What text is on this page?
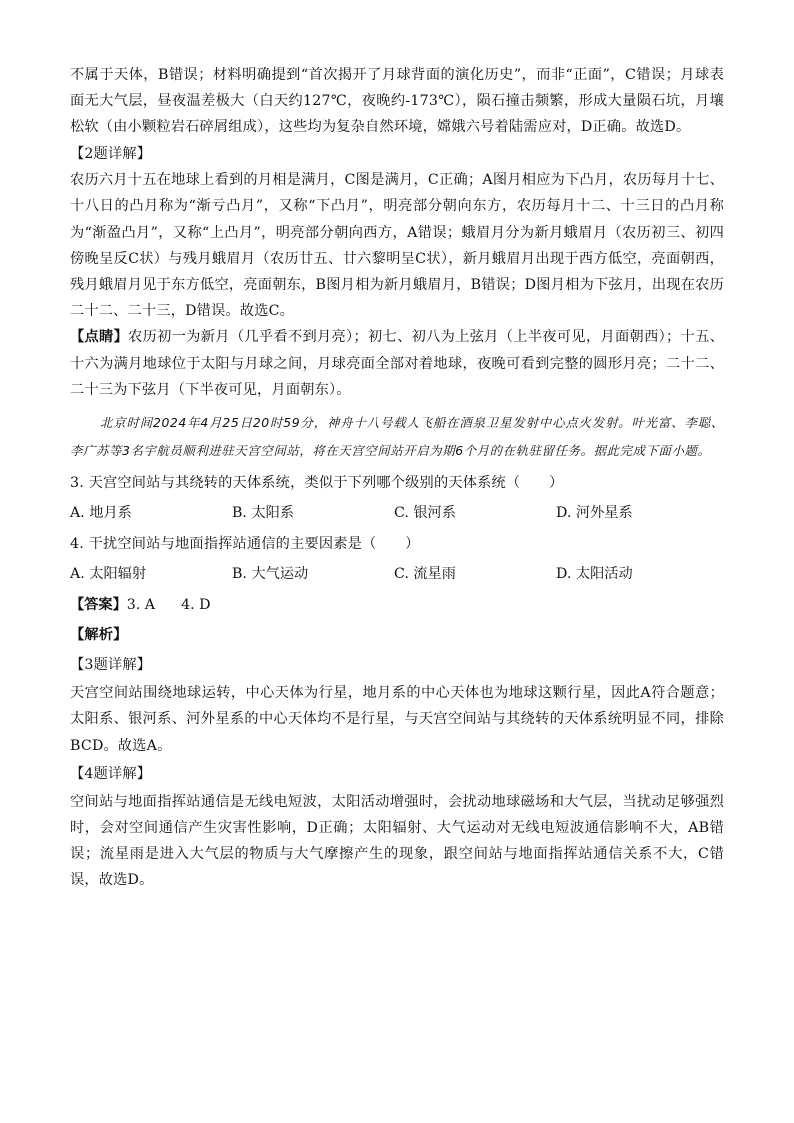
不属于天体，B错误；材料明确提到“首次揭开了月球背面的演化历史”，而非“正面”，C错误；月球表面无大气层，昼夜温差极大（白天约127℃，夜晚约-173℃），陨石撞击频繁，形成大量陨石坑，月壤松软（由小颗粒岩石碎屑组成），这些均为复杂自然环境，嫦娥六号着陆需应对，D正确。故选D。

【2题详解】

农历六月十五在地球上看到的月相是满月，C图是满月，C正确；A图月相应为下凸月，农历每月十七、十八日的凸月称为“渐亏凸月”，又称“下凸月”，明亮部分朝向东方，农历每月十二、十三日的凸月称为“渐盈凸月”，又称“上凸月”，明亮部分朝向西方，A错误；蛾眉月分为新月蛾眉月（农历初三、初四傍晚呈反C状）与残月蛾眉月（农历廿五、廿六黎明呈C状），新月蛾眉月出现于西方低空，亮面朝西，残月蛾眉月见于东方低空，亮面朝东，B图月相为新月蛾眉月，B错误；D图月相为下弦月，出现在农历二十二、二十三，D错误。故选C。

【点睛】农历初一为新月（几乎看不到月亮）；初七、初八为上弦月（上半夜可见，月面朝西）；十五、十六为满月地球位于太阳与月球之间，月球亮面全部对着地球，夜晚可看到完整的圆形月亮；二十二、二十三为下弦月（下半夜可见，月面朝东）。

北京时间2024年4月25日20时59分，神舟十八号载人飞船在酒泉卫星发射中心点火发射。叶光富、李聪、李广苏等3名宇航员顺利进驻天宫空间站，将在天宫空间站开启为期6个月的在轨驻留任务。据此完成下面小题。

3. 天宫空间站与其绕转的天体系统，类似于下列哪个级别的天体系统（　　）

A. 地月系	B. 太阳系	C. 银河系	D. 河外星系

4. 干扰空间站与地面指挥站通信的主要因素是（　　）

A. 太阳辐射	B. 大气运动	C. 流星雨	D. 太阳活动

【答案】3. A 4. D

【解析】

【3题详解】

天宫空间站围绕地球运转，中心天体为行星，地月系的中心天体也为地球这颗行星，因此A符合题意；太阳系、银河系、河外星系的中心天体均不是行星，与天宫空间站与其绕转的天体系统明显不同，排除BCD。故选A。

【4题详解】

空间站与地面指挥站通信是无线电短波，太阳活动增强时，会扰动地球磁场和大气层，当扰动足够强烈时，会对空间通信产生灾害性影响，D正确；太阳辐射、大气运动对无线电短波通信影响不大，AB错误；流星雨是进入大气层的物质与大气摩擦产生的现象，跟空间站与地面指挥站通信关系不大，C错误，故选D。
